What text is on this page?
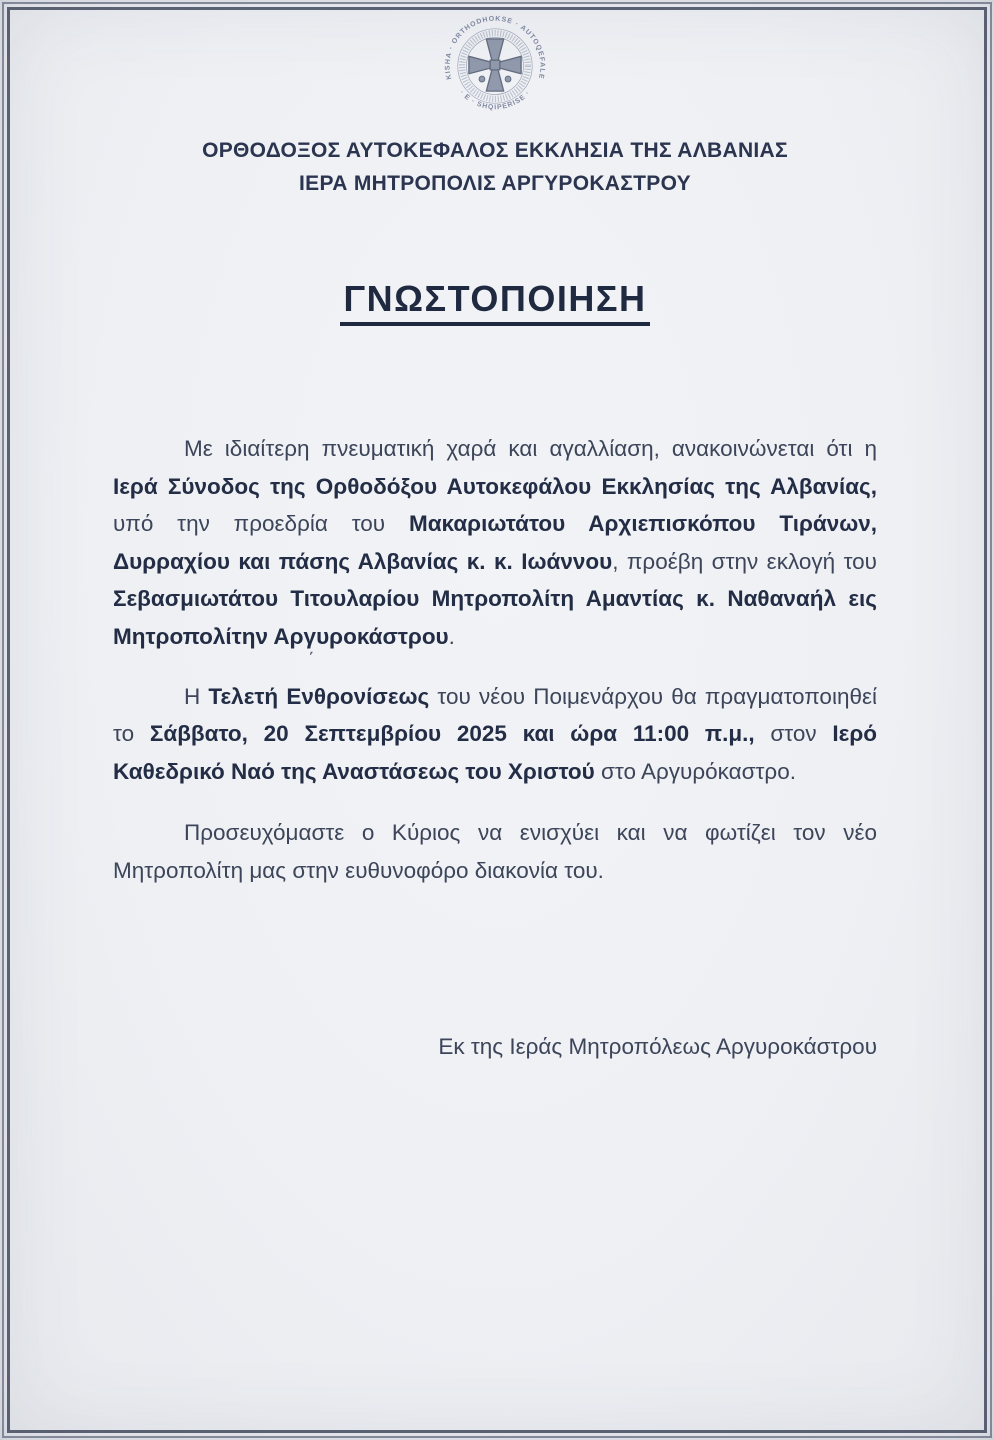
KISHA · ORTHODHOKSE · AUTOQEFALE
· E · SHQIPERISE ·
ΟΡΘΟΔΟΞΟΣ ΑΥΤΟΚΕΦΑΛΟΣ ΕΚΚΛΗΣΙΑ ΤΗΣ ΑΛΒΑΝΙΑΣ
ΙΕΡΑ ΜΗΤΡΟΠΟΛΙΣ ΑΡΓΥΡΟΚΑΣΤΡΟΥ
ΓΝΩΣΤΟΠΟΙΗΣΗ

Με ιδιαίτερη πνευματική χαρά και αγαλλίαση, ανακοινώνεται ότι η Ιερά Σύνοδος της Ορθοδόξου Αυτοκεφάλου Εκκλησίας της Αλβανίας, υπό την προεδρία του Μακαριωτάτου Αρχιεπισκόπου Τιράνων, Δυρραχίου και πάσης Αλβανίας κ. κ. Ιωάννου, προέβη στην εκλογή του Σεβασμιωτάτου Τιτουλαρίου Μητροπολίτη Αμαντίας κ. Ναθαναήλ εις Μητροπολίτην Αργυροκάστρου.

Η Τελετή Ενθρονίσεως του νέου Ποιμενάρχου θα πραγματοποιηθεί το Σάββατο, 20 Σεπτεμβρίου 2025 και ώρα 11:00 π.μ., στον Ιερό Καθεδρικό Ναό της Αναστάσεως του Χριστού στο Αργυρόκαστρο.

Προσευχόμαστε ο Κύριος να ενισχύει και να φωτίζει τον νέο Μητροπολίτη μας στην ευθυνοφόρο διακονία του.

Εκ της Ιεράς Μητροπόλεως Αργυροκάστρου
΄
